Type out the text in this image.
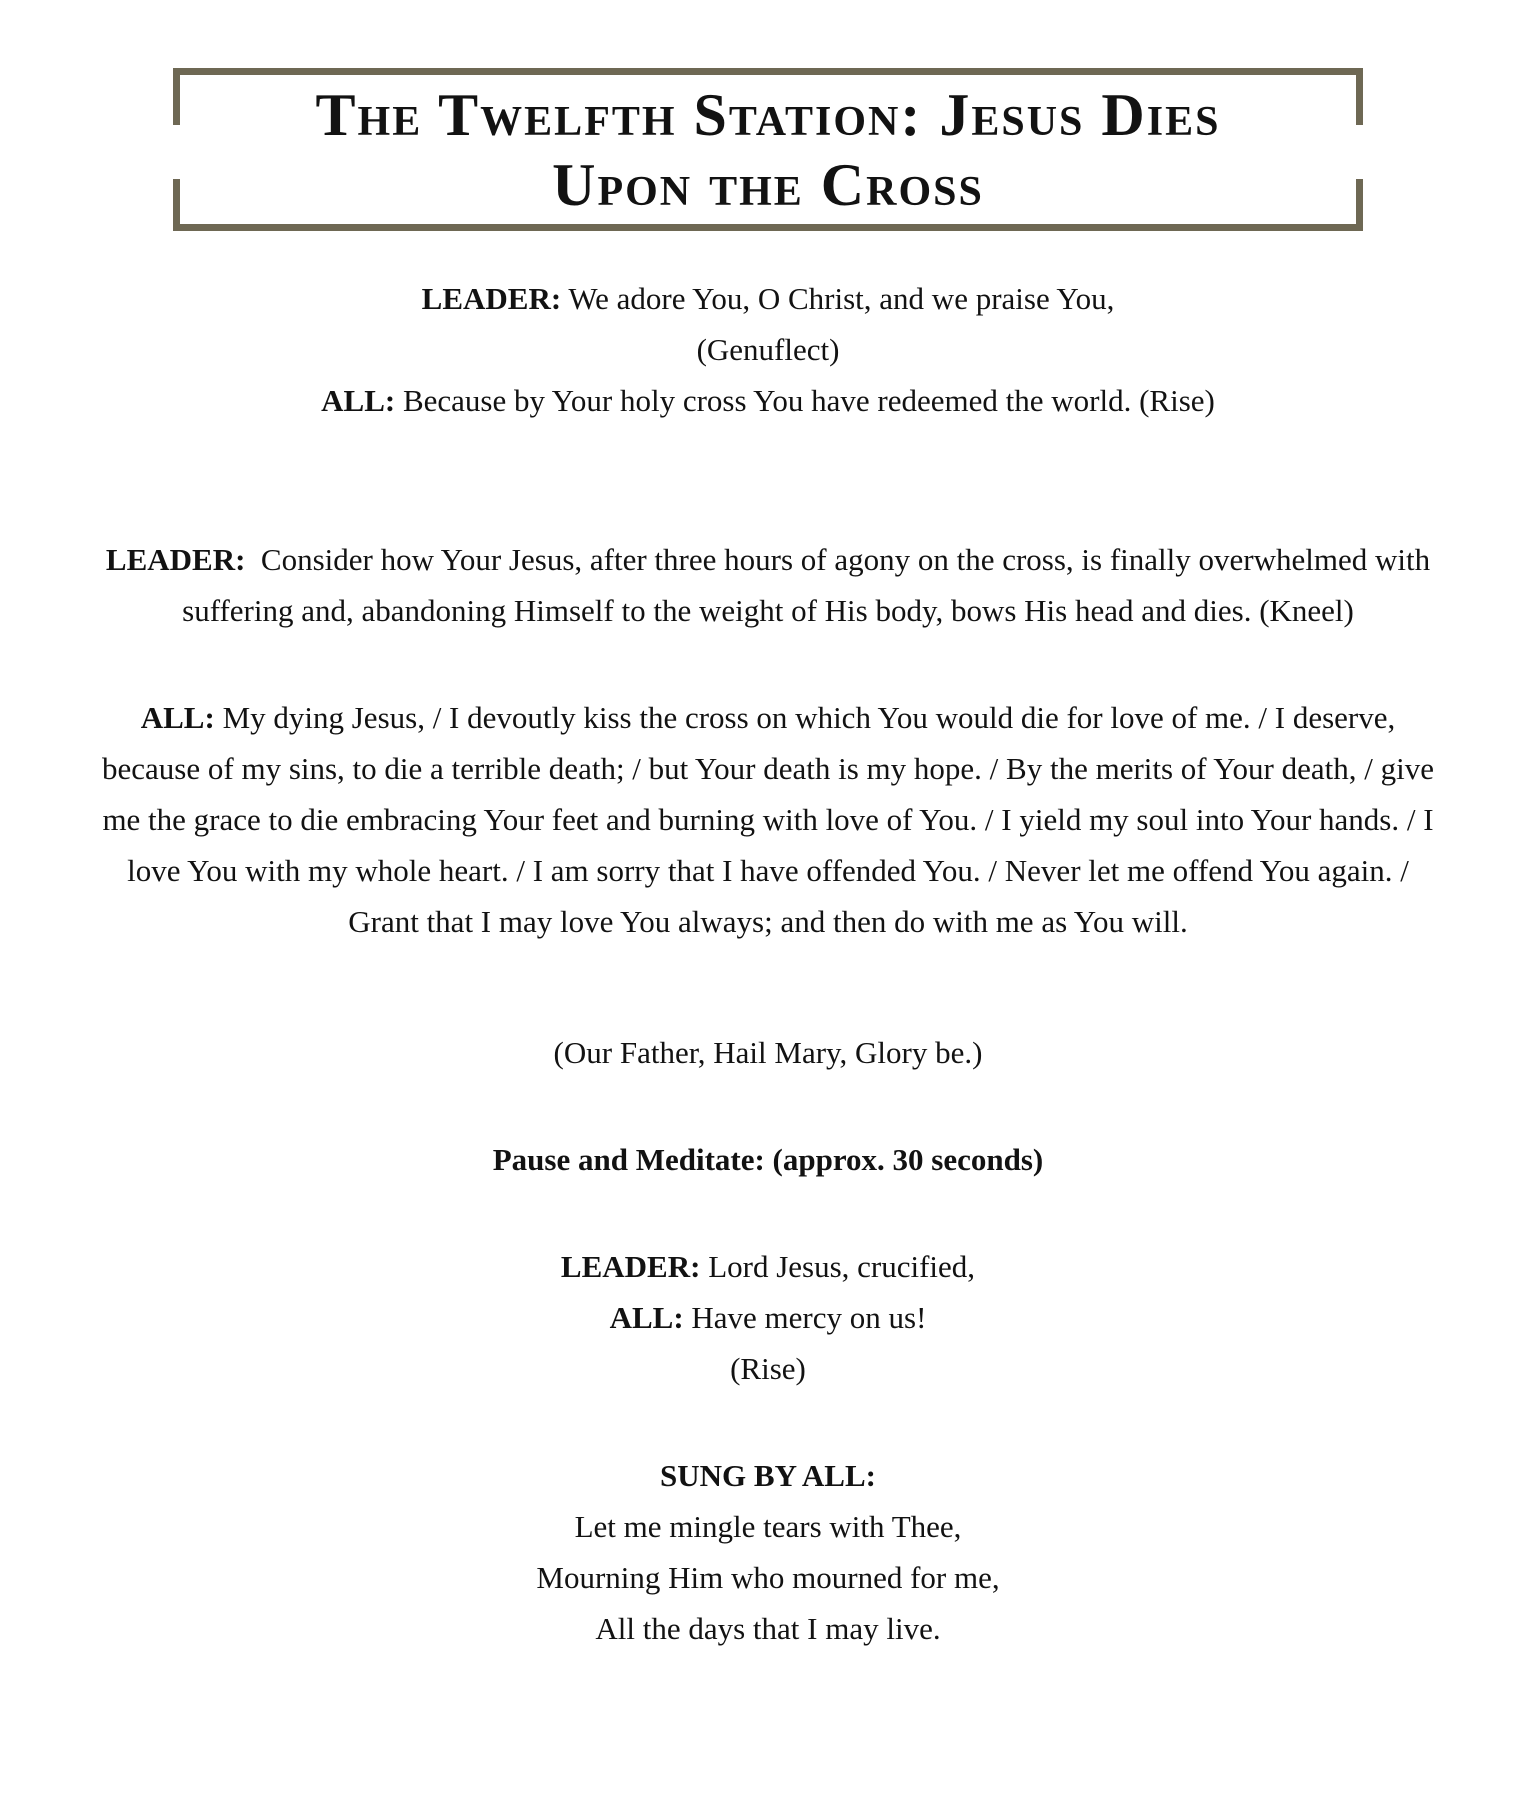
The Twelfth Station: Jesus Dies
Upon the Cross

LEADER: We adore You, O Christ, and we praise You,

(Genuflect)

ALL: Because by Your holy cross You have redeemed the world. (Rise)

LEADER: Consider how Your Jesus, after three hours of agony on the cross, is finally overwhelmed with suffering and, abandoning Himself to the weight of His body, bows His head and dies. (Kneel)

ALL: My dying Jesus, / I devoutly kiss the cross on which You would die for love of me. / I deserve, because of my sins, to die a terrible death; / but Your death is my hope. / By the merits of Your death, / give me the grace to die embracing Your feet and burning with love of You. / I yield my soul into Your hands. / I love You with my whole heart. / I am sorry that I have offended You. / Never let me offend You again. / Grant that I may love You always; and then do with me as You will.

(Our Father, Hail Mary, Glory be.)

Pause and Meditate: (approx. 30 seconds)

LEADER: Lord Jesus, crucified,

ALL: Have mercy on us!

(Rise)

SUNG BY ALL:

Let me mingle tears with Thee,

Mourning Him who mourned for me,

All the days that I may live.
